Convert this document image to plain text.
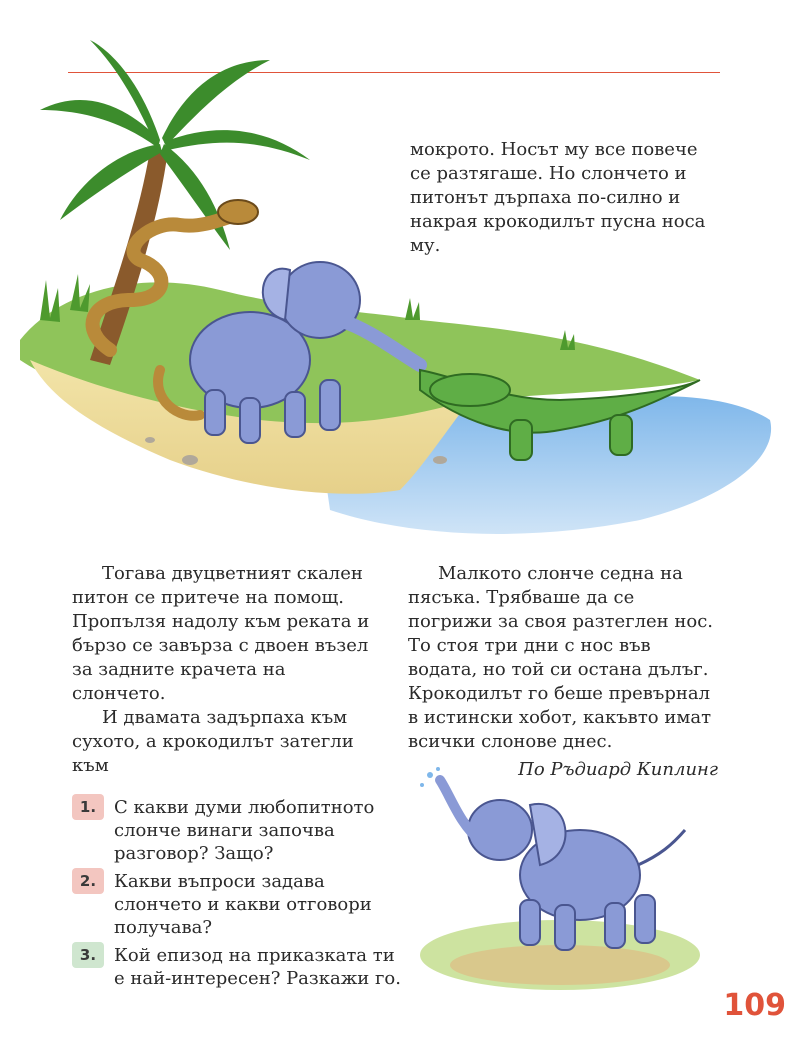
мокрото. Носът му все повече се разтягаше. Но слончето и питонът дърпаха по-силно и накрая крокодилът пусна носа му.

Тогава двуцветният скален питон се притече на помощ. Пропълзя надолу към реката и бързо се завърза с двоен възел за задните крачета на слончето.

И двамата задърпаха към сухото, а крокодилът затегли към

Малкото слонче седна на пясъка. Трябваше да се погрижи за своя разтеглен нос. То стоя три дни с нос във водата, но той си остана дълъг. Крокодилът го беше превърнал в истински хобот, какъвто имат всички слонове днес.

По Ръдиард Киплинг

1. С какви думи любопитното слонче винаги започва разговор? Защо?
2. Какви въпроси задава слончето и какви отговори получава?
3. Кой епизод на приказката ти е най-интересен? Разкажи го.
109
